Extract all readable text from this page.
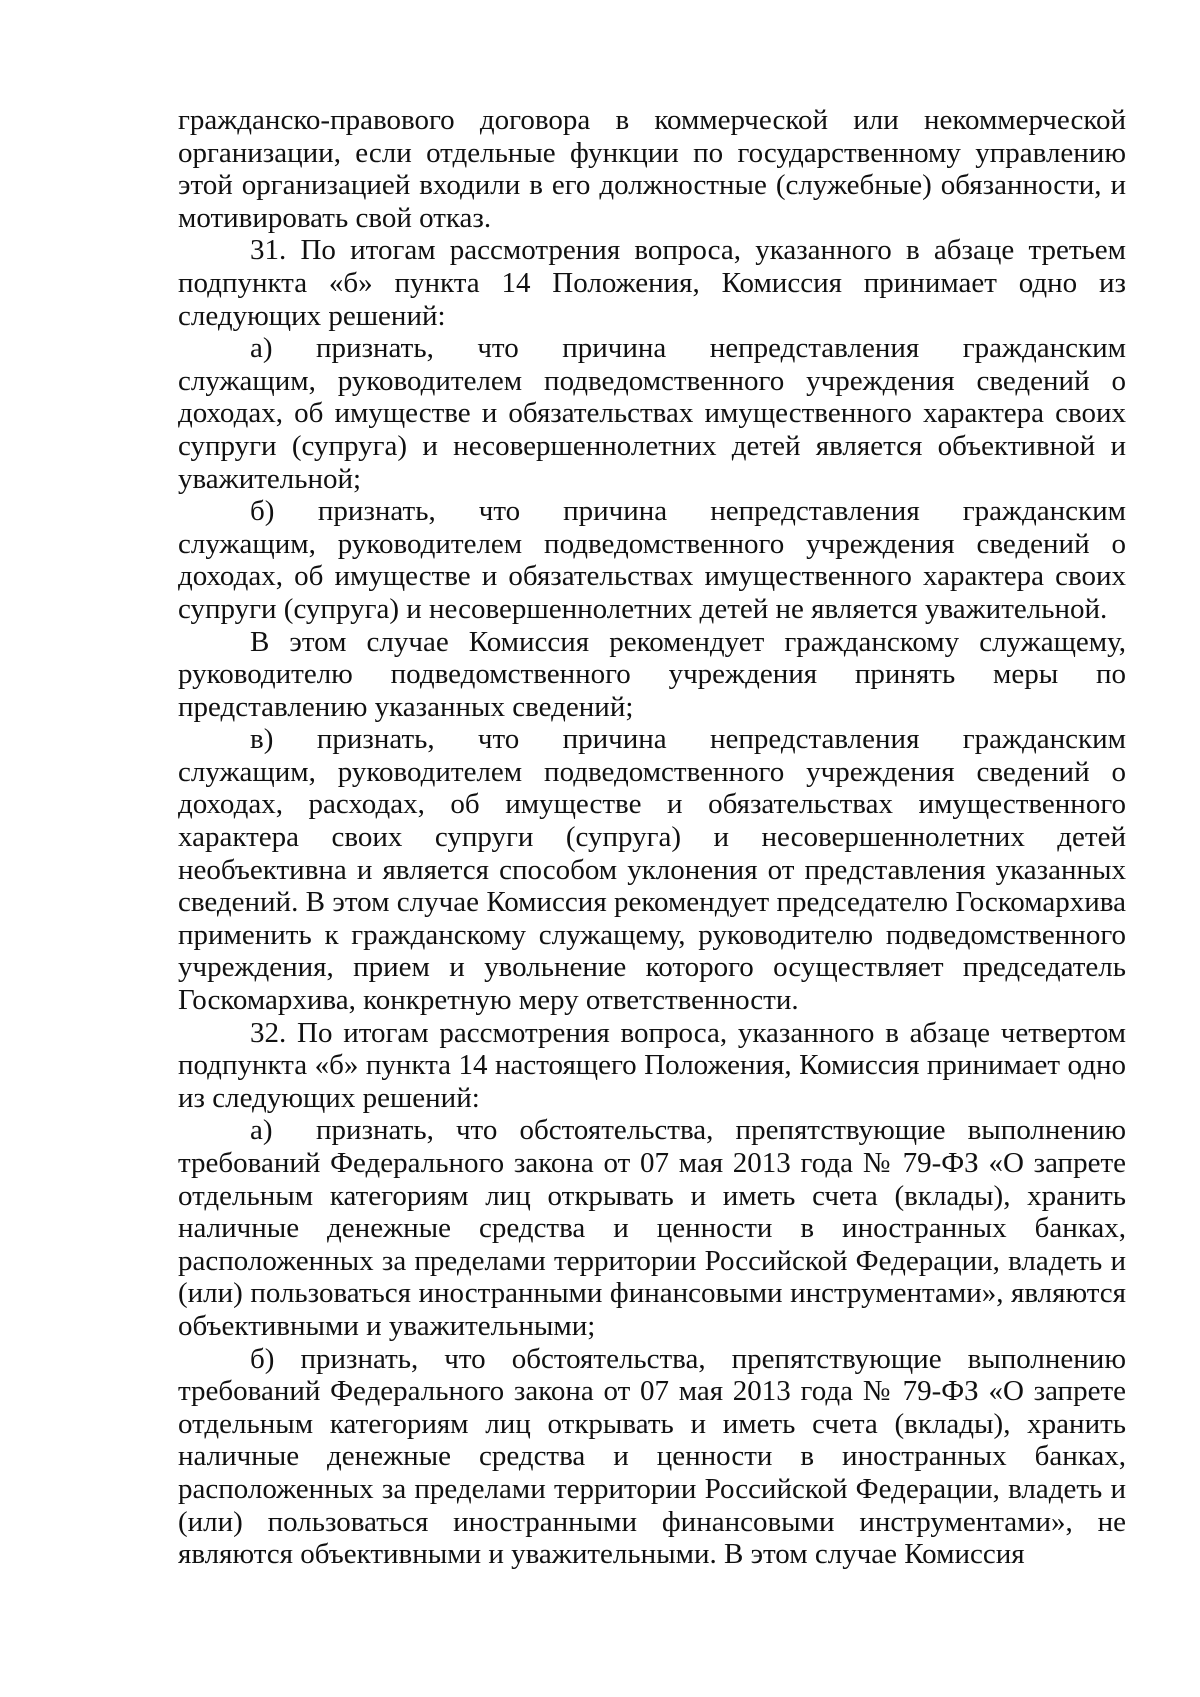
гражданско-правового договора в коммерческой или некоммерческой организации, если отдельные функции по государственному управлению этой организацией входили в его должностные (служебные) обязанности, и мотивировать свой отказ.

31. По итогам рассмотрения вопроса, указанного в абзаце третьем подпункта «б» пункта 14 Положения, Комиссия принимает одно из следующих решений:

а)  признать, что причина непредставления гражданским служащим, руководителем подведомственного учреждения сведений о доходах, об имуществе и обязательствах имущественного характера своих супруги (супруга) и несовершеннолетних детей является объективной и уважительной;

б)  признать, что причина непредставления гражданским служащим, руководителем подведомственного учреждения сведений о доходах, об имуществе и обязательствах имущественного характера своих супруги (супруга) и несовершеннолетних детей не является уважительной.

В этом случае Комиссия рекомендует гражданскому служащему, руководителю подведомственного учреждения принять меры по представлению указанных сведений;

в)  признать, что причина непредставления гражданским служащим, руководителем подведомственного учреждения сведений о доходах, расходах, об имуществе и обязательствах имущественного характера своих супруги (супруга) и несовершеннолетних детей необъективна и является способом уклонения от представления указанных сведений. В этом случае Комиссия рекомендует председателю Госкомархива применить к гражданскому служащему, руководителю подведомственного учреждения, прием и увольнение которого осуществляет председатель Госкомархива, конкретную меру ответственности.

32. По итогам рассмотрения вопроса, указанного в абзаце четвертом подпункта «б» пункта 14 настоящего Положения, Комиссия принимает одно из следующих решений:

а)  признать, что обстоятельства, препятствующие выполнению требований Федерального закона от 07 мая 2013 года № 79-ФЗ «О запрете отдельным категориям лиц открывать и иметь счета (вклады), хранить наличные денежные средства и ценности в иностранных банках, расположенных за пределами территории Российской Федерации, владеть и (или) пользоваться иностранными финансовыми инструментами», являются объективными и уважительными;

б) признать, что обстоятельства, препятствующие выполнению требований Федерального закона от 07 мая 2013 года № 79-ФЗ «О запрете отдельным категориям лиц открывать и иметь счета (вклады), хранить наличные денежные средства и ценности в иностранных банках, расположенных за пределами территории Российской Федерации, владеть и (или) пользоваться иностранными финансовыми инструментами», не являются объективными и уважительными. В этом случае Комиссия
